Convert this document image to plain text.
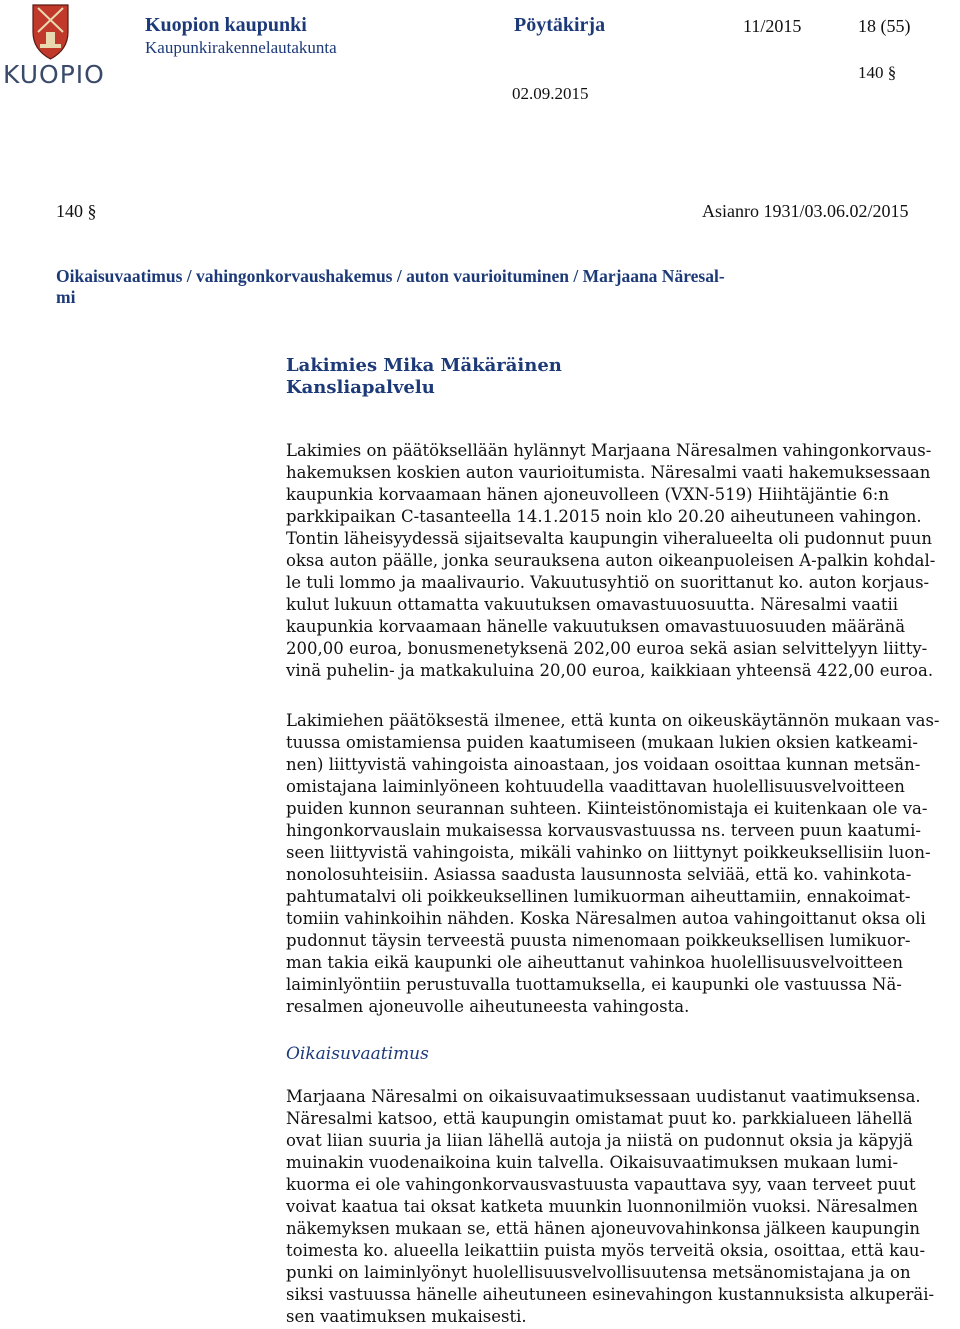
KUOPIO
Kuopion kaupunki
Kaupunkirakennelautakunta
Pöytäkirja	11/2015	18 (55)
140 §
02.09.2015
140 §	Asianro 1931/03.06.02/2015
Oikaisuvaatimus / vahingonkorvaushakemus / auton vaurioituminen / Marjaana Näresal-
mi
Lakimies Mika Mäkäräinen
Kansliapalvelu
Lakimies on päätöksellään hylännyt Marjaana Näresalmen vahingonkorvaus-
hakemuksen koskien auton vaurioitumista. Näresalmi vaati hakemuksessaan
kaupunkia korvaamaan hänen ajoneuvolleen (VXN-519) Hiihtäjäntie 6:n
parkkipaikan C-tasanteella 14.1.2015 noin klo 20.20 aiheutuneen vahingon.
Tontin läheisyydessä sijaitsevalta kaupungin viheralueelta oli pudonnut puun
oksa auton päälle, jonka seurauksena auton oikeanpuoleisen A-palkin kohdal-
le tuli lommo ja maalivaurio. Vakuutusyhtiö on suorittanut ko. auton korjaus-
kulut lukuun ottamatta vakuutuksen omavastuuosuutta. Näresalmi vaatii
kaupunkia korvaamaan hänelle vakuutuksen omavastuuosuuden määränä
200,00 euroa, bonusmenetyksenä 202,00 euroa sekä asian selvittelyyn liitty-
vinä puhelin- ja matkakuluina 20,00 euroa, kaikkiaan yhteensä 422,00 euroa.
Lakimiehen päätöksestä ilmenee, että kunta on oikeuskäytännön mukaan vas-
tuussa omistamiensa puiden kaatumiseen (mukaan lukien oksien katkeami-
nen) liittyvistä vahingoista ainoastaan, jos voidaan osoittaa kunnan metsän-
omistajana laiminlyöneen kohtuudella vaadittavan huolellisuusvelvoitteen
puiden kunnon seurannan suhteen. Kiinteistönomistaja ei kuitenkaan ole va-
hingonkorvauslain mukaisessa korvausvastuussa ns. terveen puun kaatumi-
seen liittyvistä vahingoista, mikäli vahinko on liittynyt poikkeuksellisiin luon-
nonolosuhteisiin. Asiassa saadusta lausunnosta selviää, että ko. vahinkota-
pahtumatalvi oli poikkeuksellinen lumikuorman aiheuttamiin, ennakoimat-
tomiin vahinkoihin nähden. Koska Näresalmen autoa vahingoittanut oksa oli
pudonnut täysin terveestä puusta nimenomaan poikkeuksellisen lumikuor-
man takia eikä kaupunki ole aiheuttanut vahinkoa huolellisuusvelvoitteen
laiminlyöntiin perustuvalla tuottamuksella, ei kaupunki ole vastuussa Nä-
resalmen ajoneuvolle aiheutuneesta vahingosta.
Oikaisuvaatimus
Marjaana Näresalmi on oikaisuvaatimuksessaan uudistanut vaatimuksensa.
Näresalmi katsoo, että kaupungin omistamat puut ko. parkkialueen lähellä
ovat liian suuria ja liian lähellä autoja ja niistä on pudonnut oksia ja käpyjä
muinakin vuodenaikoina kuin talvella. Oikaisuvaatimuksen mukaan lumi-
kuorma ei ole vahingonkorvausvastuusta vapauttava syy, vaan terveet puut
voivat kaatua tai oksat katketa muunkin luonnonilmiön vuoksi. Näresalmen
näkemyksen mukaan se, että hänen ajoneuvovahinkonsa jälkeen kaupungin
toimesta ko. alueella leikattiin puista myös terveitä oksia, osoittaa, että kau-
punki on laiminlyönyt huolellisuusvelvollisuutensa metsänomistajana ja on
siksi vastuussa hänelle aiheutuneen esinevahingon kustannuksista alkuperäi-
sen vaatimuksen mukaisesti.
